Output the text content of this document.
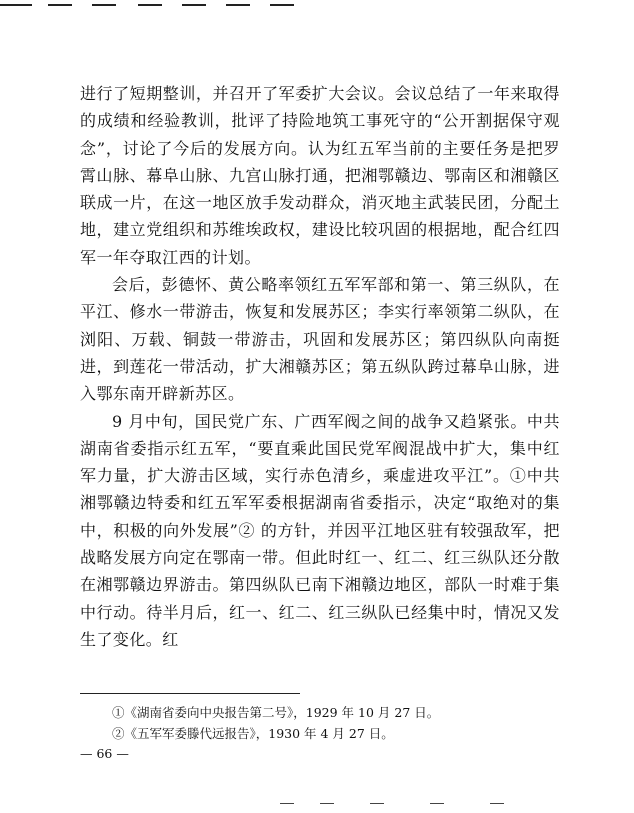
进行了短期整训，并召开了军委扩大会议。会议总结了一年来取得的成绩和经验教训，批评了持险地筑工事死守的“公开割据保守观念”，讨论了今后的发展方向。认为红五军当前的主要任务是把罗霄山脉、幕阜山脉、九宫山脉打通，把湘鄂赣边、鄂南区和湘赣区联成一片，在这一地区放手发动群众，消灭地主武装民团，分配土地，建立党组织和苏维埃政权，建设比较巩固的根据地，配合红四军一年夺取江西的计划。

会后，彭德怀、黄公略率领红五军军部和第一、第三纵队，在平江、修水一带游击，恢复和发展苏区；李实行率领第二纵队，在浏阳、万载、铜鼓一带游击，巩固和发展苏区；第四纵队向南挺进，到莲花一带活动，扩大湘赣苏区；第五纵队跨过幕阜山脉，进入鄂东南开辟新苏区。

9 月中旬，国民党广东、广西军阀之间的战争又趋紧张。中共湖南省委指示红五军，“要直乘此国民党军阀混战中扩大，集中红军力量，扩大游击区域，实行赤色清乡，乘虚进攻平江”。①中共湘鄂赣边特委和红五军军委根据湖南省委指示，决定“取绝对的集中，积极的向外发展”② 的方针，并因平江地区驻有较强敌军，把战略发展方向定在鄂南一带。但此时红一、红二、红三纵队还分散在湘鄂赣边界游击。第四纵队已南下湘赣边地区，部队一时难于集中行动。待半月后，红一、红二、红三纵队已经集中时，情况又发生了变化。红

①《湖南省委向中央报告第二号》，1929 年 10 月 27 日。

②《五军军委滕代远报告》，1930 年 4 月 27 日。

— 66 —
